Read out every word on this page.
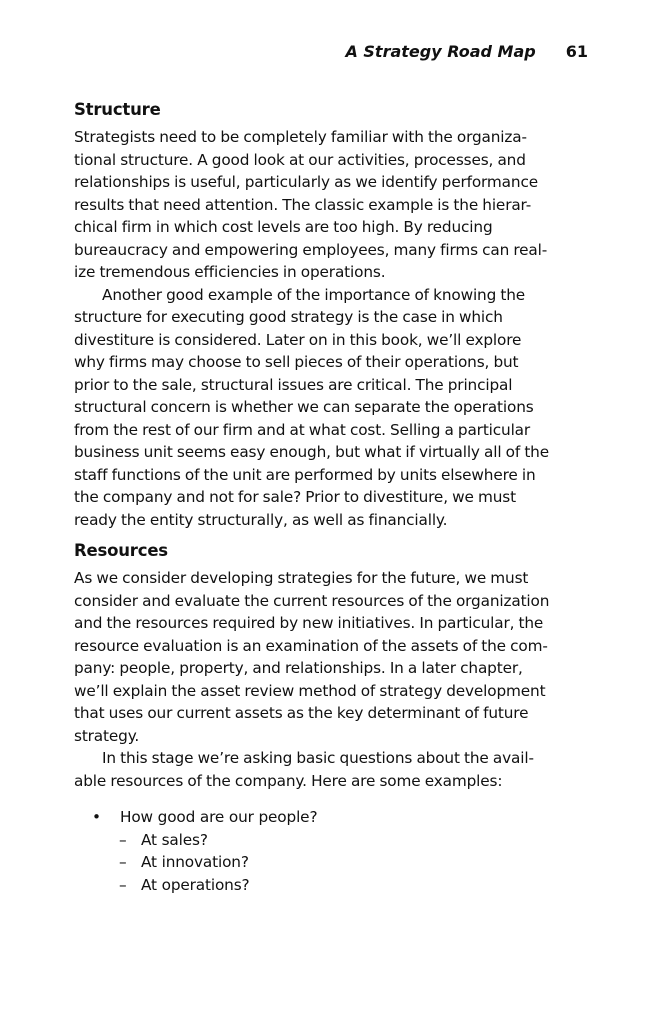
A Strategy Road Map 61
Structure

Strategists need to be completely familiar with the organiza-
tional structure. A good look at our activities, processes, and
relationships is useful, particularly as we identify performance
results that need attention. The classic example is the hierar-
chical firm in which cost levels are too high. By reducing
bureaucracy and empowering employees, many firms can real-
ize tremendous efficiencies in operations.

Another good example of the importance of knowing the
structure for executing good strategy is the case in which
divestiture is considered. Later on in this book, we’ll explore
why firms may choose to sell pieces of their operations, but
prior to the sale, structural issues are critical. The principal
structural concern is whether we can separate the operations
from the rest of our firm and at what cost. Selling a particular
business unit seems easy enough, but what if virtually all of the
staff functions of the unit are performed by units elsewhere in
the company and not for sale? Prior to divestiture, we must
ready the entity structurally, as well as financially.

Resources

As we consider developing strategies for the future, we must
consider and evaluate the current resources of the organization
and the resources required by new initiatives. In particular, the
resource evaluation is an examination of the assets of the com-
pany: people, property, and relationships. In a later chapter,
we’ll explain the asset review method of strategy development
that uses our current assets as the key determinant of future
strategy.

In this stage we’re asking basic questions about the avail-
able resources of the company. Here are some examples:

• How good are our people?
– At sales?
– At innovation?
– At operations?
